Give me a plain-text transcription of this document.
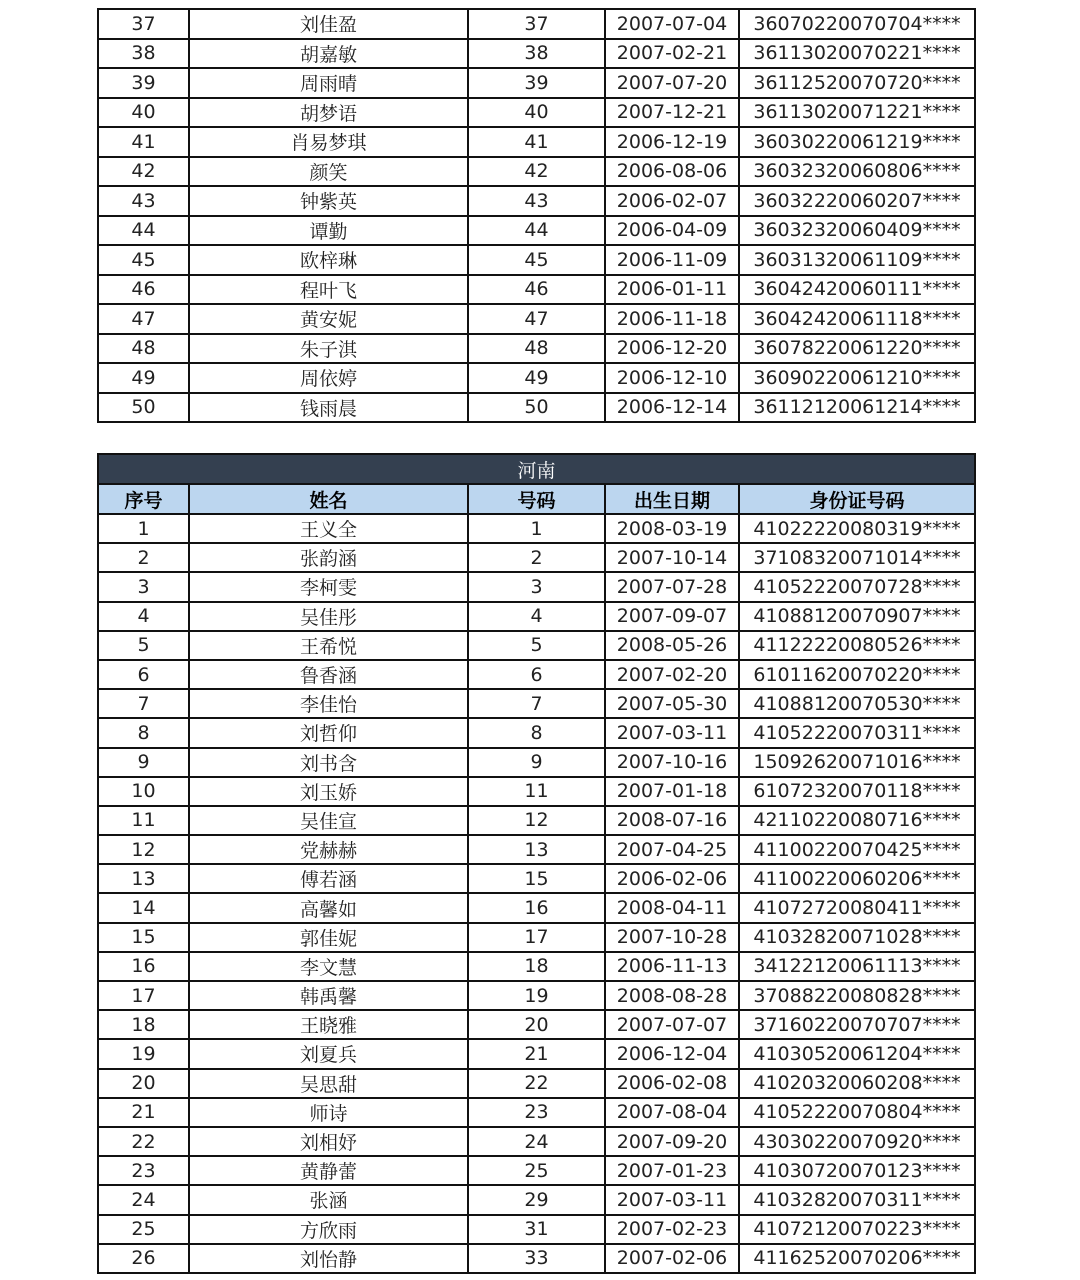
37	刘佳盈	37	2007-07-04	36070220070704****
38	胡嘉敏	38	2007-02-21	36113020070221****
39	周雨晴	39	2007-07-20	36112520070720****
40	胡梦语	40	2007-12-21	36113020071221****
41	肖易梦琪	41	2006-12-19	36030220061219****
42	颜笑	42	2006-08-06	36032320060806****
43	钟紫英	43	2006-02-07	36032220060207****
44	谭勤	44	2006-04-09	36032320060409****
45	欧梓琳	45	2006-11-09	36031320061109****
46	程叶飞	46	2006-01-11	36042420060111****
47	黄安妮	47	2006-11-18	36042420061118****
48	朱子淇	48	2006-12-20	36078220061220****
49	周依婷	49	2006-12-10	36090220061210****
50	钱雨晨	50	2006-12-14	36112120061214****
河南				
序号	姓名	号码	出生日期	身份证号码
1	王义全	1	2008-03-19	41022220080319****
2	张韵涵	2	2007-10-14	37108320071014****
3	李柯雯	3	2007-07-28	41052220070728****
4	吴佳彤	4	2007-09-07	41088120070907****
5	王希悦	5	2008-05-26	41122220080526****
6	鲁香涵	6	2007-02-20	61011620070220****
7	李佳怡	7	2007-05-30	41088120070530****
8	刘哲仰	8	2007-03-11	41052220070311****
9	刘书含	9	2007-10-16	15092620071016****
10	刘玉娇	11	2007-01-18	61072320070118****
11	吴佳宣	12	2008-07-16	42110220080716****
12	党赫赫	13	2007-04-25	41100220070425****
13	傅若涵	15	2006-02-06	41100220060206****
14	高馨如	16	2008-04-11	41072720080411****
15	郭佳妮	17	2007-10-28	41032820071028****
16	李文慧	18	2006-11-13	34122120061113****
17	韩禹馨	19	2008-08-28	37088220080828****
18	王晓雅	20	2007-07-07	37160220070707****
19	刘夏兵	21	2006-12-04	41030520061204****
20	吴思甜	22	2006-02-08	41020320060208****
21	师诗	23	2007-08-04	41052220070804****
22	刘相妤	24	2007-09-20	43030220070920****
23	黄静蕾	25	2007-01-23	41030720070123****
24	张涵	29	2007-03-11	41032820070311****
25	方欣雨	31	2007-02-23	41072120070223****
26	刘怡静	33	2007-02-06	41162520070206****
